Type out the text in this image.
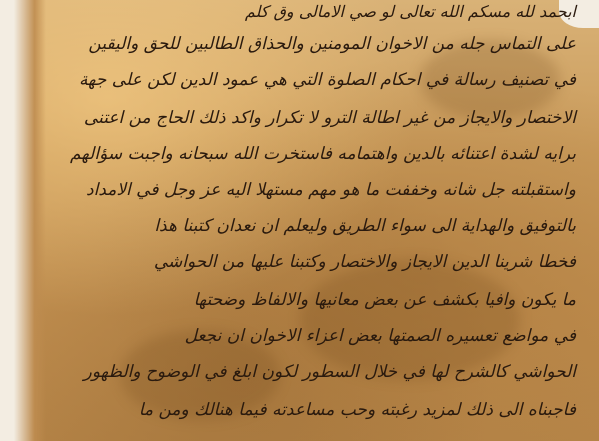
ابحمد لله مسكم الله تعالى لو صي الامالى وق كلم
على التماس جله من الاخوان المومنين والحذاق الطالبين للحق واليقين
في تصنيف رسالة في احكام الصلوة التي هي عمود الدين لكن على جهة
الاختصار والايجاز من غير اطالة الترو لا تكرار واكد ذلك الحاج من اعتنى
برايه لشدة اعتنائه بالدين واهتمامه فاستخرت الله سبحانه واجبت سؤالهم
واستقبلته جل شانه وخففت ما هو مهم مستهلا اليه عز وجل في الامداد
بالتوفيق والهداية الى سواء الطريق وليعلم ان نعدان كتبنا هذا
فخطا شرينا الدين الايجاز والاختصار وكتبنا عليها من الحواشي
ما يكون وافيا بكشف عن بعض معانيها والالفاظ وضحتها
في مواضع تعسيره الصمتها بعض اعزاء الاخوان ان نجعل
الحواشي كالشرح لها في خلال السطور لكون ابلغ في الوضوح والظهور
فاجبناه الى ذلك لمزيد رغبته وحب مساعدته فيما هنالك ومن ما
